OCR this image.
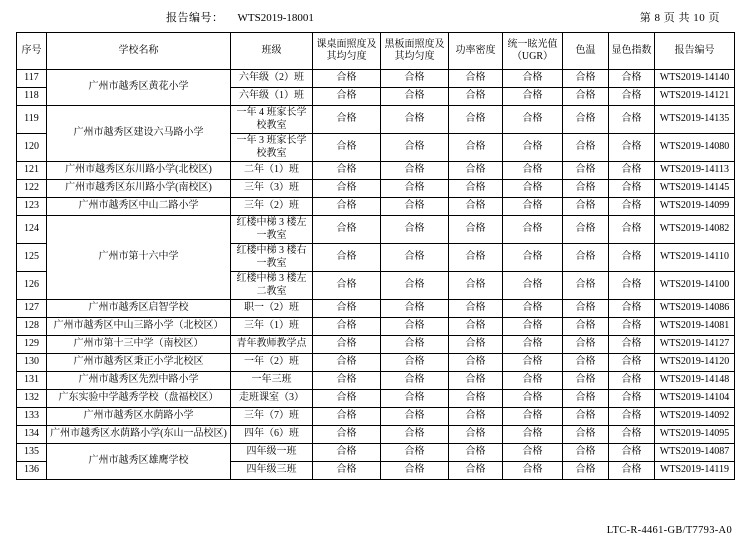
报告编号： WTS2019-18001	第 8 页 共 10 页
序号	学校名称	班级	课桌面照度及其均匀度	黑板面照度及其均匀度	功率密度	统一眩光值（UGR）	色温	显色指数	报告编号
117	广州市越秀区黄花小学	六年级（2）班	合格	合格	合格	合格	合格	合格	WTS2019-14140
118		六年级（1）班	合格	合格	合格	合格	合格	合格	WTS2019-14121
119	广州市越秀区建设六马路小学	一年 4 班家长学校教室	合格	合格	合格	合格	合格	合格	WTS2019-14135
120		一年 3 班家长学校教室	合格	合格	合格	合格	合格	合格	WTS2019-14080
121	广州市越秀区东川路小学(北校区)	二年（1）班	合格	合格	合格	合格	合格	合格	WTS2019-14113
122	广州市越秀区东川路小学(南校区)	三年（3）班	合格	合格	合格	合格	合格	合格	WTS2019-14145
123	广州市越秀区中山二路小学	三年（2）班	合格	合格	合格	合格	合格	合格	WTS2019-14099
124	广州市第十六中学	红楼中梯 3 楼左一教室	合格	合格	合格	合格	合格	合格	WTS2019-14082
125		红楼中梯 3 楼右一教室	合格	合格	合格	合格	合格	合格	WTS2019-14110
126		红楼中梯 3 楼左二教室	合格	合格	合格	合格	合格	合格	WTS2019-14100
127	广州市越秀区启智学校	职一（2）班	合格	合格	合格	合格	合格	合格	WTS2019-14086
128	广州市越秀区中山三路小学（北校区）	三年（1）班	合格	合格	合格	合格	合格	合格	WTS2019-14081
129	广州市第十三中学（南校区）	青年教师教学点	合格	合格	合格	合格	合格	合格	WTS2019-14127
130	广州市越秀区秉正小学北校区	一年（2）班	合格	合格	合格	合格	合格	合格	WTS2019-14120
131	广州市越秀区先烈中路小学	一年三班	合格	合格	合格	合格	合格	合格	WTS2019-14148
132	广东实验中学越秀学校（盘福校区）	走班课室（3）	合格	合格	合格	合格	合格	合格	WTS2019-14104
133	广州市越秀区水荫路小学	三年（7）班	合格	合格	合格	合格	合格	合格	WTS2019-14092
134	广州市越秀区水荫路小学(东山一品校区)	四年（6）班	合格	合格	合格	合格	合格	合格	WTS2019-14095
135	广州市越秀区雄鹰学校	四年级一班	合格	合格	合格	合格	合格	合格	WTS2019-14087
136		四年级三班	合格	合格	合格	合格	合格	合格	WTS2019-14119
LTC-R-4461-GB/T7793-A0
